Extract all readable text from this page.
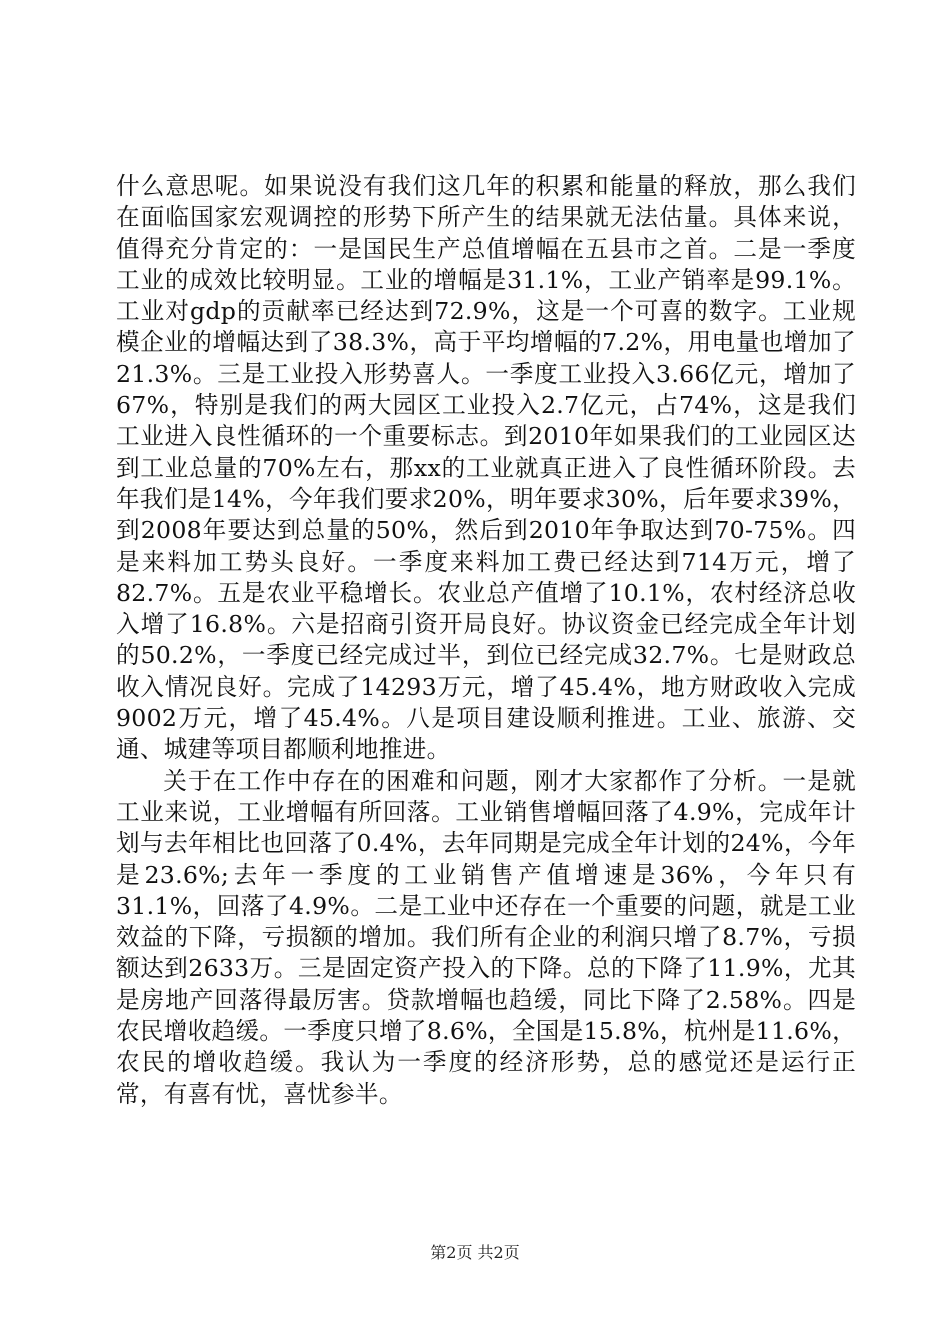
什么意思呢。如果说没有我们这几年的积累和能量的释放，那么我们在面临国家宏观调控的形势下所产生的结果就无法估量。具体来说，值得充分肯定的：一是国民生产总值增幅在五县市之首。二是一季度工业的成效比较明显。工业的增幅是31.1%，工业产销率是99.1%。工业对gdp的贡献率已经达到72.9%，这是一个可喜的数字。工业规模企业的增幅达到了38.3%，高于平均增幅的7.2%，用电量也增加了21.3%。三是工业投入形势喜人。一季度工业投入3.66亿元，增加了67%，特别是我们的两大园区工业投入2.7亿元，占74%，这是我们工业进入良性循环的一个重要标志。到2010年如果我们的工业园区达到工业总量的70%左右，那xx的工业就真正进入了良性循环阶段。去年我们是14%，今年我们要求20%，明年要求30%，后年要求39%，到2008年要达到总量的50%，然后到2010年争取达到70-75%。四是来料加工势头良好。一季度来料加工费已经达到714万元，增了82.7%。五是农业平稳增长。农业总产值增了10.1%，农村经济总收入增了16.8%。六是招商引资开局良好。协议资金已经完成全年计划的50.2%，一季度已经完成过半，到位已经完成32.7%。七是财政总收入情况良好。完成了14293万元，增了45.4%，地方财政收入完成9002万元，增了45.4%。八是项目建设顺利推进。工业、旅游、交通、城建等项目都顺利地推进。

关于在工作中存在的困难和问题，刚才大家都作了分析。一是就工业来说，工业增幅有所回落。工业销售增幅回落了4.9%，完成年计划与去年相比也回落了0.4%，去年同期是完成全年计划的24%，今年是23.6%;去年一季度的工业销售产值增速是36%，今年只有31.1%，回落了4.9%。二是工业中还存在一个重要的问题，就是工业效益的下降，亏损额的增加。我们所有企业的利润只增了8.7%，亏损额达到2633万。三是固定资产投入的下降。总的下降了11.9%，尤其是房地产回落得最厉害。贷款增幅也趋缓，同比下降了2.58%。四是农民增收趋缓。一季度只增了8.6%，全国是15.8%，杭州是11.6%，农民的增收趋缓。我认为一季度的经济形势，总的感觉还是运行正常，有喜有忧，喜忧参半。

第2页 共2页
